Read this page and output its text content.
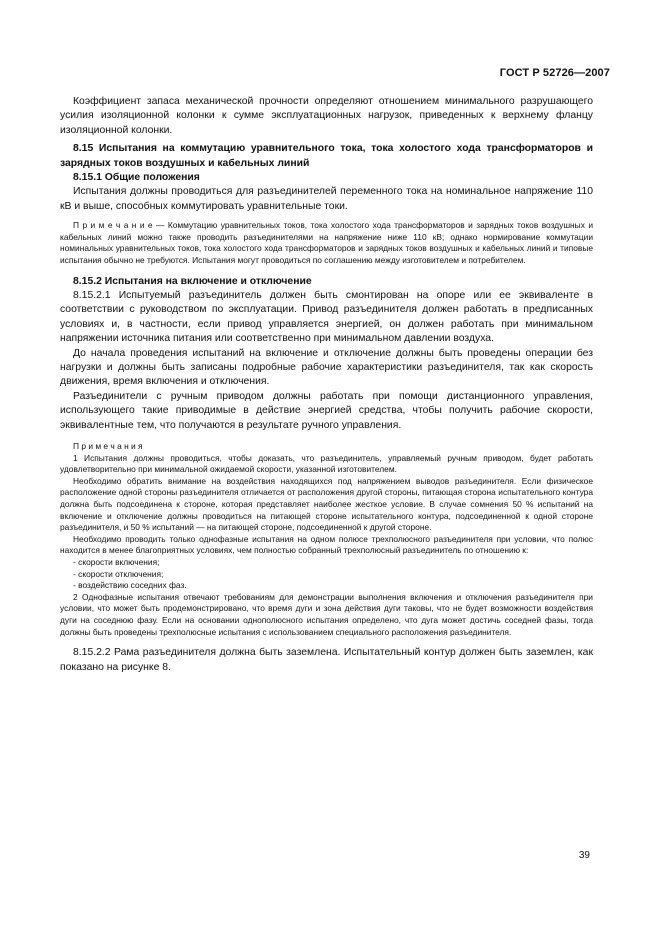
ГОСТ Р 52726—2007

Коэффициент запаса механической прочности определяют отношением минимального разрушающего усилия изоляционной колонки к сумме эксплуатационных нагрузок, приведенных к верхнему фланцу изоляционной колонки.

8.15 Испытания на коммутацию уравнительного тока, тока холостого хода трансформаторов и зарядных токов воздушных и кабельных линий

8.15.1 Общие положения

Испытания должны проводиться для разъединителей переменного тока на номинальное напряжение 110 кВ и выше, способных коммутировать уравнительные токи.

П р и м е ч а н и е — Коммутацию уравнительных токов, тока холостого хода трансформаторов и зарядных токов воздушных и кабельных линий можно также проводить разъединителями на напряжение ниже 110 кВ; однако нормирование коммутации номинальных уравнительных токов, тока холостого хода трансформаторов и зарядных токов воздушных и кабельных линий и типовые испытания обычно не требуются. Испытания могут проводиться по соглашению между изготовителем и потребителем.

8.15.2 Испытания на включение и отключение

8.15.2.1 Испытуемый разъединитель должен быть смонтирован на опоре или ее эквиваленте в соответствии с руководством по эксплуатации. Привод разъединителя должен работать в предписанных условиях и, в частности, если привод управляется энергией, он должен работать при минимальном напряжении источника питания или соответственно при минимальном давлении воздуха.

До начала проведения испытаний на включение и отключение должны быть проведены операции без нагрузки и должны быть записаны подробные рабочие характеристики разъединителя, так как скорость движения, время включения и отключения.

Разъединители с ручным приводом должны работать при помощи дистанционного управления, использующего такие приводимые в действие энергией средства, чтобы получить рабочие скорости, эквивалентные тем, что получаются в результате ручного управления.

П р и м е ч а н и я

1 Испытания должны проводиться, чтобы доказать, что разъединитель, управляемый ручным приводом, будет работать удовлетворительно при минимальной ожидаемой скорости, указанной изготовителем.

Необходимо обратить внимание на воздействия находящихся под напряжением выводов разъединителя. Если физическое расположение одной стороны разъединителя отличается от расположения другой стороны, питающая сторона испытательного контура должна быть подсоединена к стороне, которая представляет наиболее жесткое условие. В случае сомнения 50 % испытаний на включение и отключение должны проводиться на питающей стороне испытательного контура, подсоединенной к одной стороне разъединителя, и 50 % испытаний — на питающей стороне, подсоединенной к другой стороне.

Необходимо проводить только однофазные испытания на одном полюсе трехполюсного разъединителя при условии, что полюс находится в менее благоприятных условиях, чем полностью собранный трехполюсный разъединитель по отношению к:

- скорости включения;
- скорости отключения;
- воздействию соседних фаз.

2 Однофазные испытания отвечают требованиям для демонстрации выполнения включения и отключения разъединителя при условии, что может быть продемонстрировано, что время дуги и зона действия дуги таковы, что не будет возможности воздействия дуги на соседнюю фазу. Если на основании однополюсного испытания определено, что дуга может достичь соседней фазы, тогда должны быть проведены трехполюсные испытания с использованием специального расположения разъединителя.

8.15.2.2 Рама разъединителя должна быть заземлена. Испытательный контур должен быть заземлен, как показано на рисунке 8.

39
